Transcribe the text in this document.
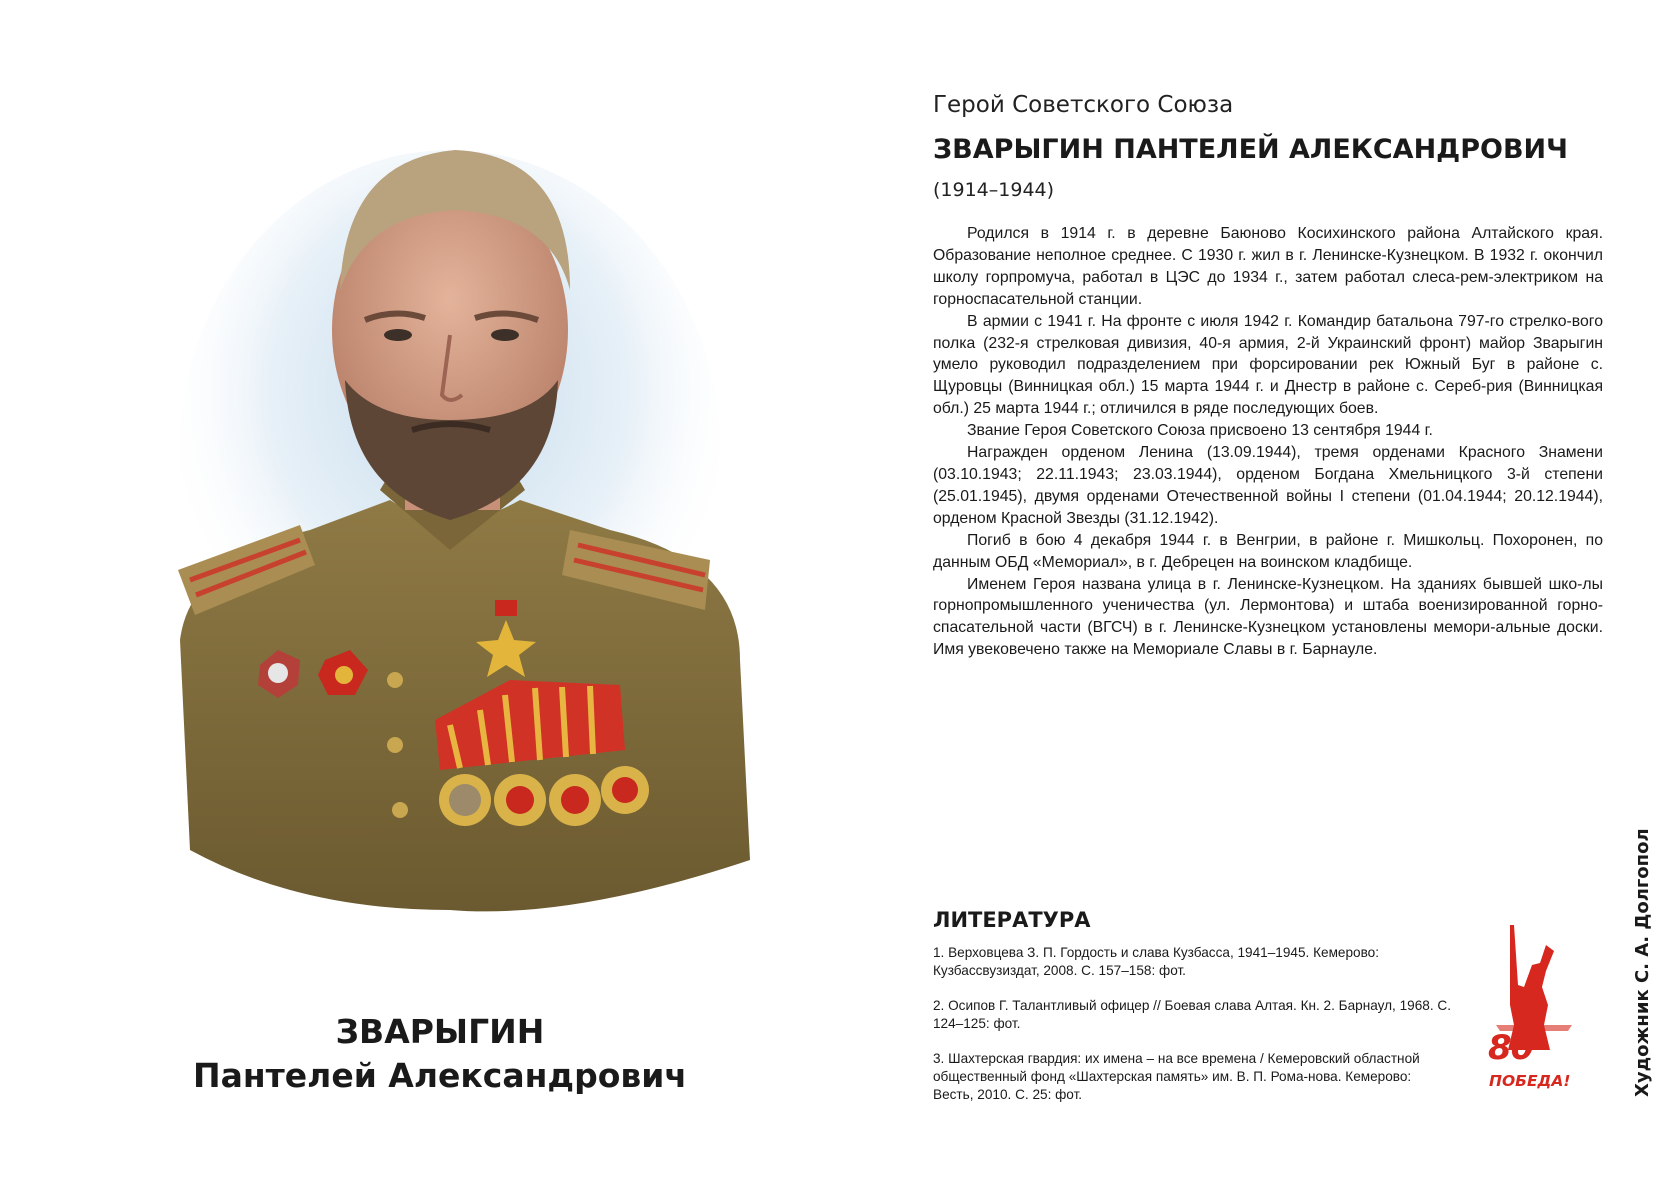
ЗВАРЫГИН
Пантелей Александрович
Герой Советского Союза
ЗВАРЫГИН ПАНТЕЛЕЙ АЛЕКСАНДРОВИЧ
(1914–1944)

Родился в 1914 г. в деревне Баюново Косихинского района Алтайского края. Образование неполное среднее. С 1930 г. жил в г. Ленинске-Кузнецком. В 1932 г. окончил школу горпромуча, работал в ЦЭС до 1934 г., затем работал слеса-рем-электриком на горноспасательной станции.

В армии с 1941 г. На фронте с июля 1942 г. Командир батальона 797-го стрелко-вого полка (232-я стрелковая дивизия, 40-я армия, 2-й Украинский фронт) майор Зварыгин умело руководил подразделением при форсировании рек Южный Буг в районе с. Щуровцы (Винницкая обл.) 15 марта 1944 г. и Днестр в районе с. Сереб-рия (Винницкая обл.) 25 марта 1944 г.; отличился в ряде последующих боев.

Звание Героя Советского Союза присвоено 13 сентября 1944 г.

Награжден орденом Ленина (13.09.1944), тремя орденами Красного Знамени (03.10.1943; 22.11.1943; 23.03.1944), орденом Богдана Хмельницкого 3-й степени (25.01.1945), двумя орденами Отечественной войны I степени (01.04.1944; 20.12.1944), орденом Красной Звезды (31.12.1942).

Погиб в бою 4 декабря 1944 г. в Венгрии, в районе г. Мишкольц. Похоронен, по данным ОБД «Мемориал», в г. Дебрецен на воинском кладбище.

Именем Героя названа улица в г. Ленинске-Кузнецком. На зданиях бывшей шко-лы горнопромышленного ученичества (ул. Лермонтова) и штаба военизированной горно-спасательной части (ВГСЧ) в г. Ленинске-Кузнецком установлены мемори-альные доски. Имя увековечено также на Мемориале Славы в г. Барнауле.

ЛИТЕРАТУРА
1. Верховцева З. П. Гордость и слава Кузбасса, 1941–1945. Кемерово: Кузбассвузиздат, 2008. С. 157–158: фот.
2. Осипов Г. Талантливый офицер // Боевая слава Алтая. Кн. 2. Барнаул, 1968. С. 124–125: фот.
3. Шахтерская гвардия: их имена – на все времена / Кемеровский областной общественный фонд «Шахтерская память» им. В. П. Рома-нова. Кемерово: Весть, 2010. С. 25: фот.
80
ПОБЕДА!	Художник С. А. Долгопол
